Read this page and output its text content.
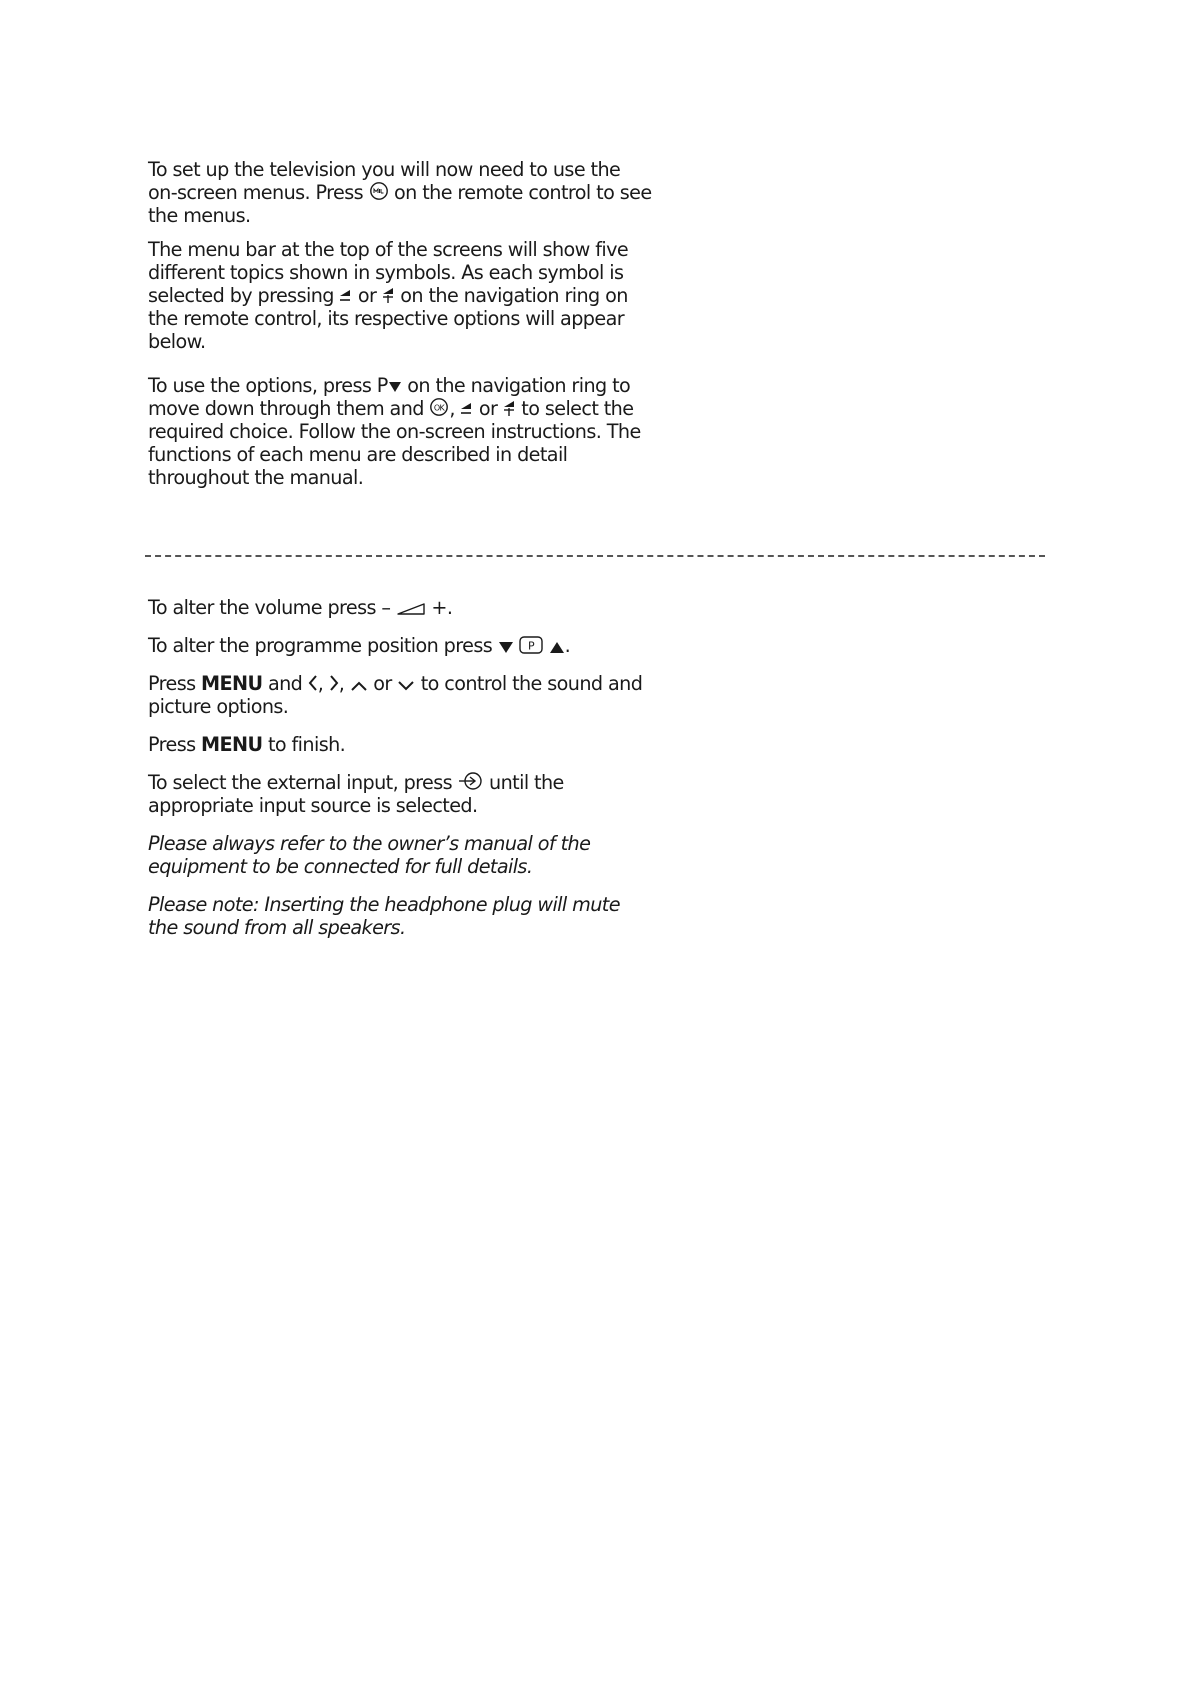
To set up the television you will now need to use the on-screen menus. Press on the remote control to see the menus.

The menu bar at the top of the screens will show five different topics shown in symbols. As each symbol is selected by pressing or on the navigation ring on the remote control, its respective options will appear below.

To use the options, press P on the navigation ring to move down through them and OK , or to select the required choice. Follow the on-screen instructions. The functions of each menu are described in detail throughout the manual.

To alter the volume press – +.

To alter the programme position press
	P
.

Press MENU and , , or to control the sound and picture options.

Press MENU to finish.

To select the external input, press until the appropriate input source is selected.

Please always refer to the owner’s manual of the equipment to be connected for full details.

Please note: Inserting the headphone plug will mute the sound from all speakers.
